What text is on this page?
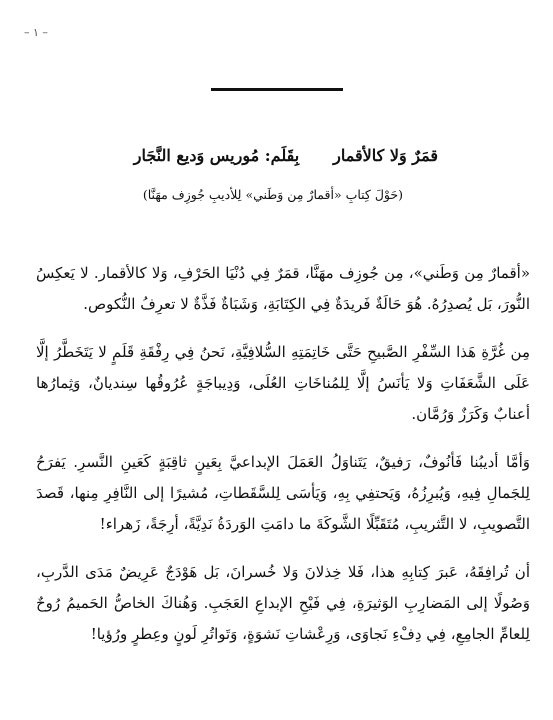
– ١ –
قمَرٌ وَلا كالأقماربِقَلَم: مُوريس وَديع النَّجَار
(حَوْلَ كِتابِ «أقمارٌ مِن وَطَني» لِلأديبِ جُوزِف مهَنَّا)

«أقمارٌ مِن وَطَني»، مِن جُوزِف مهَنَّا، قمَرٌ فِي دُنْيَا الحَرْفِ، وَلا كالأقمار. لا يَعكِسُ النُّورَ، بَل يُصدِرُهُ. هُوَ حَالَةٌ فَريدَةٌ فِي الكِتَابَةِ، وَشَبَاةٌ فَذَّةٌ لا تعرِفُ النُّكوص.

مِن غُرَّةِ هَذا السِّفْرِ الصَّبيحِ حَتَّى خَاتِمَتِهِ السُّلافِيَّةِ، نَحنُ فِي رِفْقَةِ قَلَمٍ لا يَتَخَطَّرُ إلَّا عَلَى الشَّعَفَاتِ وَلا يَأنَسُ إلَّا لِلمُناخَاتِ العُلَى، وَدِيباجَةٍ عُرُوقُها سِنديانٌ، وَثِمارُها أعنابٌ وَكَرَزٌ وَرُمَّان.

وَأمَّا أديبُنا فَأنُوفٌ، رَفيقٌ، يَتَناوَلُ العَمَلَ الإبداعيَّ بِعَينٍ ثاقِبَةٍ كَعَينِ النَّسرِ. يَفرَحُ لِلجَمالِ فِيهِ، وَيُبرِزُهُ، وَيَحتفِي بِهِ، وَيَأسَى لِلسَّقَطاتِ، مُشيرًا إلى النَّافِرِ مِنها، قَصدَ التَّصويبِ، لا التَّثريبِ، مُتَقَبِّلًا الشَّوكَةَ ما دامَتِ الوَردَةُ نَدِيَّةً، أرِجَةً، زَهراء!

أن تُرافِقَهُ، عَبرَ كِتابِهِ هذا، فَلا خِذلانَ وَلا خُسرانَ، بَل هَوْدَجٌ عَرِيضٌ مَدَى الدَّربِ، وَصُولًا إلى المَضارِبِ الوَثيرَةِ، فِي فَيْحِ الإبداعِ العَجَبِ. وَهُناكَ الخاصُّ الحَميمُ رُوحٌ لِلعامِّ الجامِعِ، فِي دِفْءِ نَجاوَى، وَرِعْشاتِ نَشوَةٍ، وَتَواتُرِ لَونٍ وعِطرٍ ورُؤيا!
